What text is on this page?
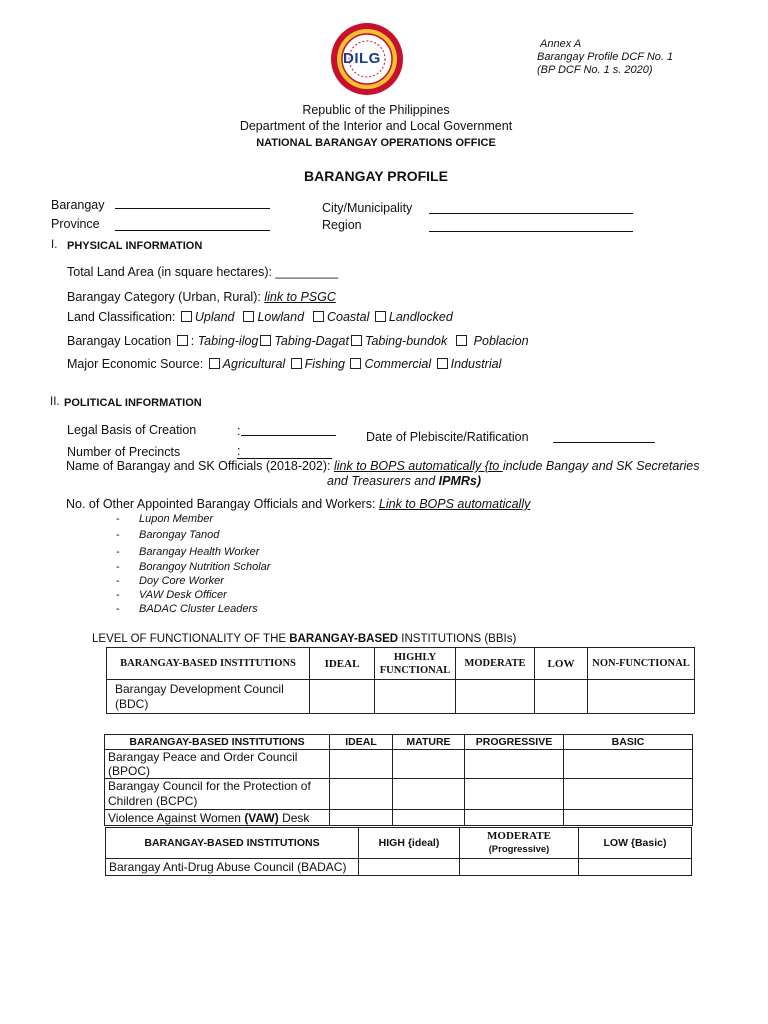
DILG
Annex A
Barangay Profile DCF No. 1
(BP DCF No. 1 s. 2020)
Republic of the Philippines
Department of the Interior and Local Government
NATIONAL BARANGAY OPERATIONS OFFICE
BARANGAY PROFILE
Barangay
Province
City/Municipality
Region
I. PHYSICAL INFORMATION
Total Land Area (in square hectares): _________
Barangay Category (Urban, Rural): link to PSGC
Land Classification: Upland Lowland Coastal Landlocked
Barangay Location : Tabing-ilog Tabing-Dagat Tabing-bundok Poblacion
Major Economic Source: Agricultural Fishing Commercial Industrial
II. POLITICAL INFORMATION
Legal Basis of Creation	:	Date of Plebiscite/Ratification
Number of Precincts	:
Name of Barangay and SK Officials (2018-202): link to BOPS automatically {to include Bangay and SK Secretaries
and Treasurers and IPMRs)
No. of Other Appointed Barangay Officials and Workers: Link to BOPS automatically
- Lupon Member
- Barongay Tanod
- Barangay Health Worker
- Borangoy Nutrition Scholar
- Doy Core Worker
- VAW Desk Officer
- BADAC Cluster Leaders
LEVEL OF FUNCTIONALITY OF THE BARANGAY-BASED INSTITUTIONS (BBIs)
BARANGAY-BASED INSTITUTIONS	IDEAL	HIGHLY FUNCTIONAL	MODERATE	LOW	NON-FUNCTIONAL
Barangay Development Council (BDC)					
BARANGAY-BASED INSTITUTIONS	IDEAL	MATURE	PROGRESSIVE	BASIC
Barangay Peace and Order Council (BPOC)				
Barangay Council for the Protection of Children (BCPC)				
Violence Against Women (VAW) Desk				
BARANGAY-BASED INSTITUTIONS	HIGH {ideal)	MODERATE
(Progressive)	LOW {Basic)
Barangay Anti-Drug Abuse Council (BADAC)			
